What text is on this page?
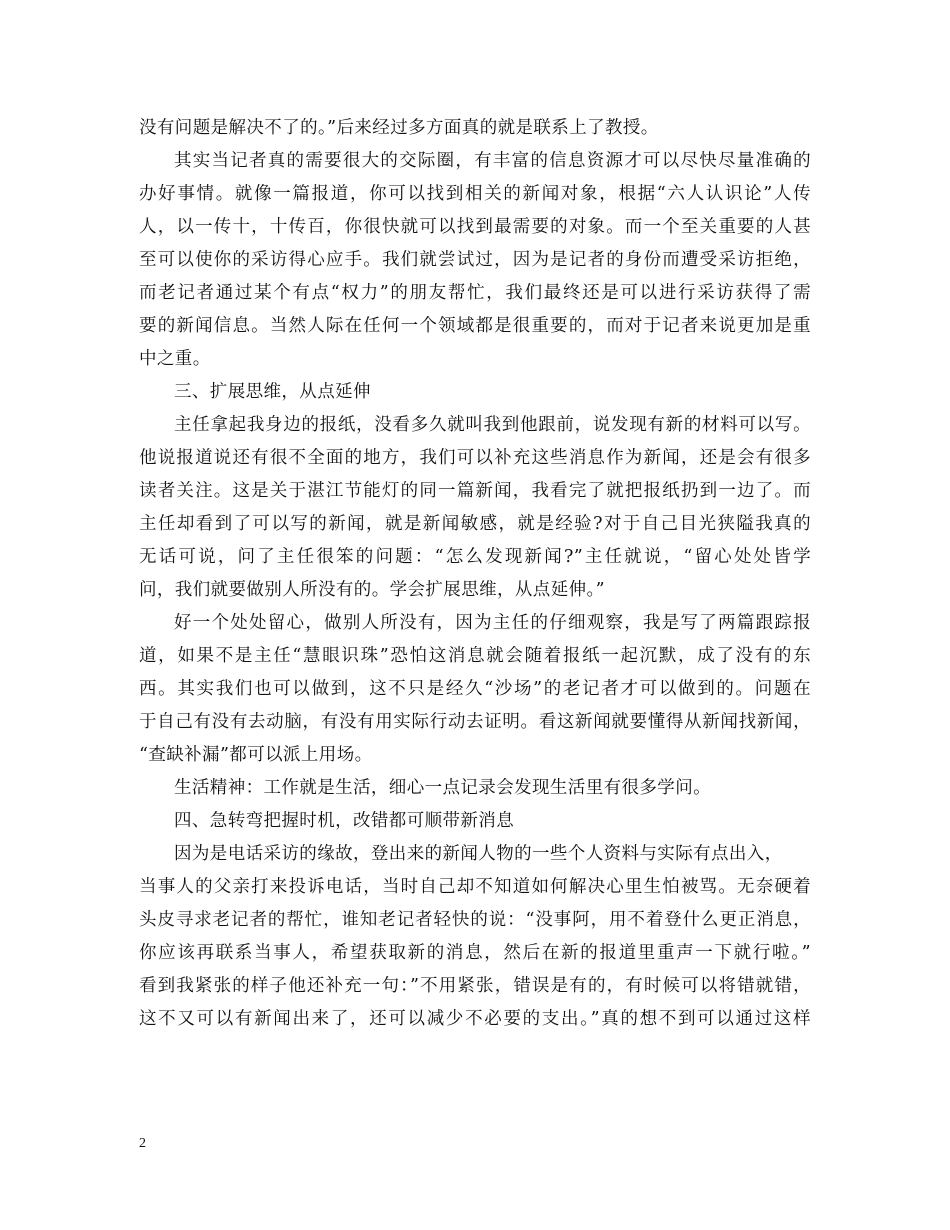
没有问题是解决不了的。”后来经过多方面真的就是联系上了教授。
其实当记者真的需要很大的交际圈，有丰富的信息资源才可以尽快尽量准确的
办好事情。就像一篇报道，你可以找到相关的新闻对象，根据“六人认识论”人传
人，以一传十，十传百，你很快就可以找到最需要的对象。而一个至关重要的人甚
至可以使你的采访得心应手。我们就尝试过，因为是记者的身份而遭受采访拒绝，
而老记者通过某个有点“权力”的朋友帮忙，我们最终还是可以进行采访获得了需
要的新闻信息。当然人际在任何一个领域都是很重要的，而对于记者来说更加是重
中之重。
三、扩展思维，从点延伸
主任拿起我身边的报纸，没看多久就叫我到他跟前，说发现有新的材料可以写。
他说报道说还有很不全面的地方，我们可以补充这些消息作为新闻，还是会有很多
读者关注。这是关于湛江节能灯的同一篇新闻，我看完了就把报纸扔到一边了。而
主任却看到了可以写的新闻，就是新闻敏感，就是经验?对于自己目光狭隘我真的
无话可说，问了主任很笨的问题：“怎么发现新闻?”主任就说，“留心处处皆学
问，我们就要做别人所没有的。学会扩展思维，从点延伸。”
好一个处处留心，做别人所没有，因为主任的仔细观察，我是写了两篇跟踪报
道，如果不是主任“慧眼识珠”恐怕这消息就会随着报纸一起沉默，成了没有的东
西。其实我们也可以做到，这不只是经久“沙场”的老记者才可以做到的。问题在
于自己有没有去动脑，有没有用实际行动去证明。看这新闻就要懂得从新闻找新闻，
“查缺补漏”都可以派上用场。
生活精神：工作就是生活，细心一点记录会发现生活里有很多学问。
四、急转弯把握时机，改错都可顺带新消息
因为是电话采访的缘故，登出来的新闻人物的一些个人资料与实际有点出入，
当事人的父亲打来投诉电话，当时自己却不知道如何解决心里生怕被骂。无奈硬着
头皮寻求老记者的帮忙，谁知老记者轻快的说：“没事阿，用不着登什么更正消息，
你应该再联系当事人，希望获取新的消息，然后在新的报道里重声一下就行啦。”
看到我紧张的样子他还补充一句：”不用紧张，错误是有的，有时候可以将错就错，
这不又可以有新闻出来了，还可以减少不必要的支出。”真的想不到可以通过这样
2
